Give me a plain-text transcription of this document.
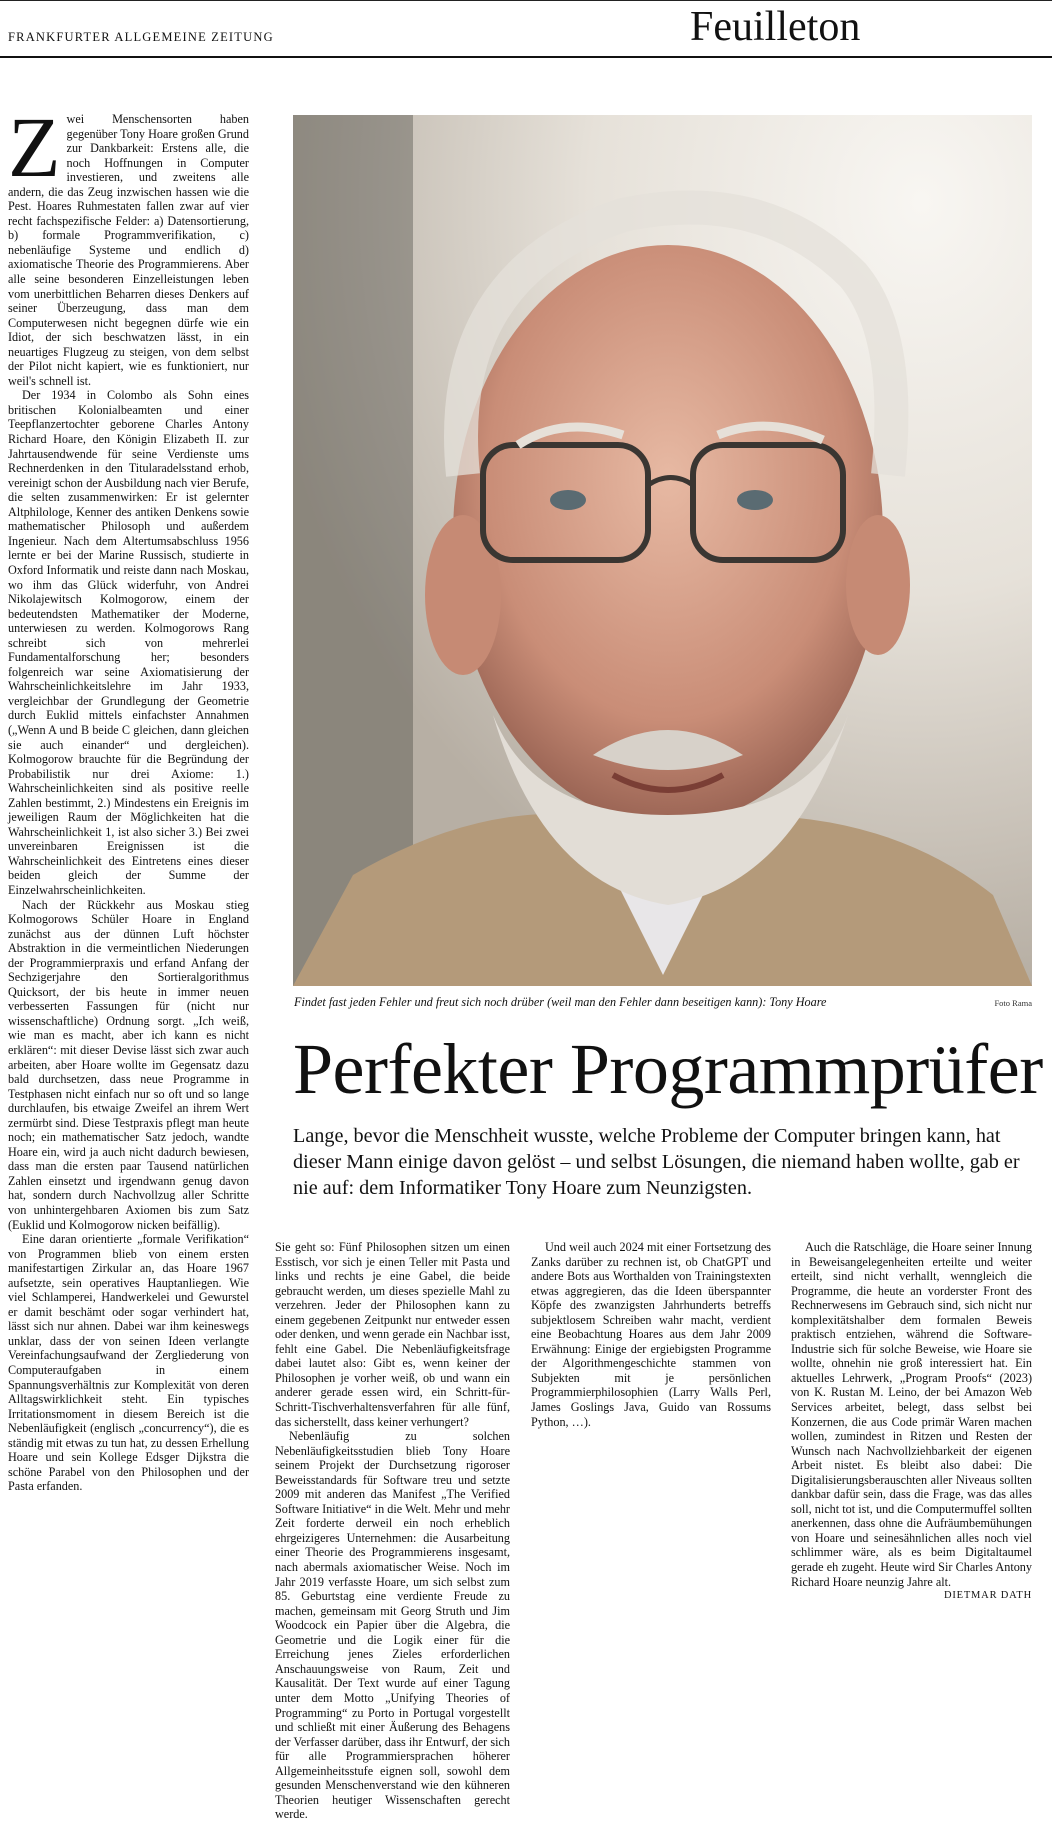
FRANKFURTER ALLGEMEINE ZEITUNG	Feuilleton

Zwei Menschensorten haben gegenüber Tony Hoare großen Grund zur Dankbarkeit: Erstens alle, die noch Hoffnungen in Computer investieren, und zweitens alle andern, die das Zeug inzwischen hassen wie die Pest. Hoares Ruhmestaten fallen zwar auf vier recht fachspezifische Felder: a) Datensortierung, b) formale Programmverifikation, c) nebenläufige Systeme und endlich d) axiomatische Theorie des Programmierens. Aber alle seine besonderen Einzelleistungen leben vom unerbittlichen Beharren dieses Denkers auf seiner Überzeugung, dass man dem Computerwesen nicht begegnen dürfe wie ein Idiot, der sich beschwatzen lässt, in ein neuartiges Flugzeug zu steigen, von dem selbst der Pilot nicht kapiert, wie es funktioniert, nur weil's schnell ist.

Der 1934 in Colombo als Sohn eines britischen Kolonialbeamten und einer Teepflanzertochter geborene Charles Antony Richard Hoare, den Königin Elizabeth II. zur Jahrtausendwende für seine Verdienste ums Rechnerdenken in den Titularadelsstand erhob, vereinigt schon der Ausbildung nach vier Berufe, die selten zusammenwirken: Er ist gelernter Altphilologe, Kenner des antiken Denkens sowie mathematischer Philosoph und außerdem Ingenieur. Nach dem Altertumsabschluss 1956 lernte er bei der Marine Russisch, studierte in Oxford Informatik und reiste dann nach Moskau, wo ihm das Glück widerfuhr, von Andrei Nikolajewitsch Kolmogorow, einem der bedeutendsten Mathematiker der Moderne, unterwiesen zu werden. Kolmogorows Rang schreibt sich von mehrerlei Fundamentalforschung her; besonders folgenreich war seine Axiomatisierung der Wahrscheinlichkeitslehre im Jahr 1933, vergleichbar der Grundlegung der Geometrie durch Euklid mittels einfachster Annahmen („Wenn A und B beide C gleichen, dann gleichen sie auch einander“ und dergleichen). Kolmogorow brauchte für die Begründung der Probabilistik nur drei Axiome: 1.) Wahrscheinlichkeiten sind als positive reelle Zahlen bestimmt, 2.) Mindestens ein Ereignis im jeweiligen Raum der Möglichkeiten hat die Wahrscheinlichkeit 1, ist also sicher 3.) Bei zwei unvereinbaren Ereignissen ist die Wahrscheinlichkeit des Eintretens eines dieser beiden gleich der Summe der Einzelwahrscheinlichkeiten.

Nach der Rückkehr aus Moskau stieg Kolmogorows Schüler Hoare in England zunächst aus der dünnen Luft höchster Abstraktion in die vermeintlichen Niederungen der Programmierpraxis und erfand Anfang der Sechzigerjahre den Sortieralgorithmus Quicksort, der bis heute in immer neuen verbesserten Fassungen für (nicht nur wissenschaftliche) Ordnung sorgt. „Ich weiß, wie man es macht, aber ich kann es nicht erklären“: mit dieser Devise lässt sich zwar auch arbeiten, aber Hoare wollte im Gegensatz dazu bald durchsetzen, dass neue Programme in Testphasen nicht einfach nur so oft und so lange durchlaufen, bis etwaige Zweifel an ihrem Wert zermürbt sind. Diese Testpraxis pflegt man heute noch; ein mathematischer Satz jedoch, wandte Hoare ein, wird ja auch nicht dadurch bewiesen, dass man die ersten paar Tausend natürlichen Zahlen einsetzt und irgendwann genug davon hat, sondern durch Nachvollzug aller Schritte von unhintergehbaren Axiomen bis zum Satz (Euklid und Kolmogorow nicken beifällig).

Eine daran orientierte „formale Verifikation“ von Programmen blieb von einem ersten manifestartigen Zirkular an, das Hoare 1967 aufsetzte, sein operatives Hauptanliegen. Wie viel Schlamperei, Handwerkelei und Gewurstel er damit beschämt oder sogar verhindert hat, lässt sich nur ahnen. Dabei war ihm keineswegs unklar, dass der von seinen Ideen verlangte Vereinfachungsaufwand der Zergliederung von Computeraufgaben in einem Spannungsverhältnis zur Komplexität von deren Alltagswirklichkeit steht. Ein typisches Irritationsmoment in diesem Bereich ist die Nebenläufigkeit (englisch „concurrency“), die es ständig mit etwas zu tun hat, zu dessen Erhellung Hoare und sein Kollege Edsger Dijkstra die schöne Parabel von den Philosophen und der Pasta erfanden.

Findet fast jeden Fehler und freut sich noch drüber (weil man den Fehler dann beseitigen kann): Tony Hoare	Foto Rama
Perfekter Programmprüfer
Lange, bevor die Menschheit wusste, welche Probleme der Computer bringen kann, hat dieser Mann einige davon gelöst – und selbst Lösungen, die niemand haben wollte, gab er nie auf: dem Informatiker Tony Hoare zum Neunzigsten.

Sie geht so: Fünf Philosophen sitzen um einen Esstisch, vor sich je einen Teller mit Pasta und links und rechts je eine Gabel, die beide gebraucht werden, um dieses spezielle Mahl zu verzehren. Jeder der Philosophen kann zu einem gegebenen Zeitpunkt nur entweder essen oder denken, und wenn gerade ein Nachbar isst, fehlt eine Gabel. Die Nebenläufigkeitsfrage dabei lautet also: Gibt es, wenn keiner der Philosophen je vorher weiß, ob und wann ein anderer gerade essen wird, ein Schritt-für-Schritt-Tischverhaltensverfahren für alle fünf, das sicherstellt, dass keiner verhungert?

Nebenläufig zu solchen Nebenläufigkeitsstudien blieb Tony Hoare seinem Projekt der Durchsetzung rigoroser Beweisstandards für Software treu und setzte 2009 mit anderen das Manifest „The Verified Software Initiative“ in die Welt. Mehr und mehr Zeit forderte derweil ein noch erheblich ehrgeizigeres Unternehmen: die Ausarbeitung einer Theorie des Programmierens insgesamt, nach abermals axiomatischer Weise. Noch im Jahr 2019 verfasste Hoare, um sich selbst zum 85. Geburtstag eine verdiente Freude zu machen, gemeinsam mit Georg Struth und Jim Woodcock ein Papier über die Algebra, die Geometrie und die Logik einer für die Erreichung jenes Zieles erforderlichen Anschauungsweise von Raum, Zeit und Kausalität. Der Text wurde auf einer Tagung unter dem Motto „Unifying Theories of Programming“ zu Porto in Portugal vorgestellt und schließt mit einer Äußerung des Behagens der Verfasser darüber, dass ihr Entwurf, der sich für alle Programmiersprachen höherer Allgemeinheitsstufe eignen soll, sowohl dem gesunden Menschenverstand wie den kühneren Theorien heutiger Wissenschaften gerecht werde.

Und weil auch 2024 mit einer Fortsetzung des Zanks darüber zu rechnen ist, ob ChatGPT und andere Bots aus Worthalden von Trainingstexten etwas aggregieren, das die Ideen überspannter Köpfe des zwanzigsten Jahrhunderts betreffs subjektlosem Schreiben wahr macht, verdient eine Beobachtung Hoares aus dem Jahr 2009 Erwähnung: Einige der ergiebigsten Programme der Algorithmengeschichte stammen von Subjekten mit je persönlichen Programmierphilosophien (Larry Walls Perl, James Goslings Java, Guido van Rossums Python, …).

Auch die Ratschläge, die Hoare seiner Innung in Beweisangelegenheiten erteilte und weiter erteilt, sind nicht verhallt, wenngleich die Programme, die heute an vorderster Front des Rechnerwesens im Gebrauch sind, sich nicht nur komplexitätshalber dem formalen Beweis praktisch entziehen, während die Software-Industrie sich für solche Beweise, wie Hoare sie wollte, ohnehin nie groß interessiert hat. Ein aktuelles Lehrwerk, „Program Proofs“ (2023) von K. Rustan M. Leino, der bei Amazon Web Services arbeitet, belegt, dass selbst bei Konzernen, die aus Code primär Waren machen wollen, zumindest in Ritzen und Resten der Wunsch nach Nachvollziehbarkeit der eigenen Arbeit nistet. Es bleibt also dabei: Die Digitalisierungsberauschten aller Niveaus sollten dankbar dafür sein, dass die Frage, was das alles soll, nicht tot ist, und die Computermuffel sollten anerkennen, dass ohne die Aufräumbemühungen von Hoare und seinesähnlichen alles noch viel schlimmer wäre, als es beim Digitaltaumel gerade eh zugeht. Heute wird Sir Charles Antony Richard Hoare neunzig Jahre alt.
DIETMAR DATH
